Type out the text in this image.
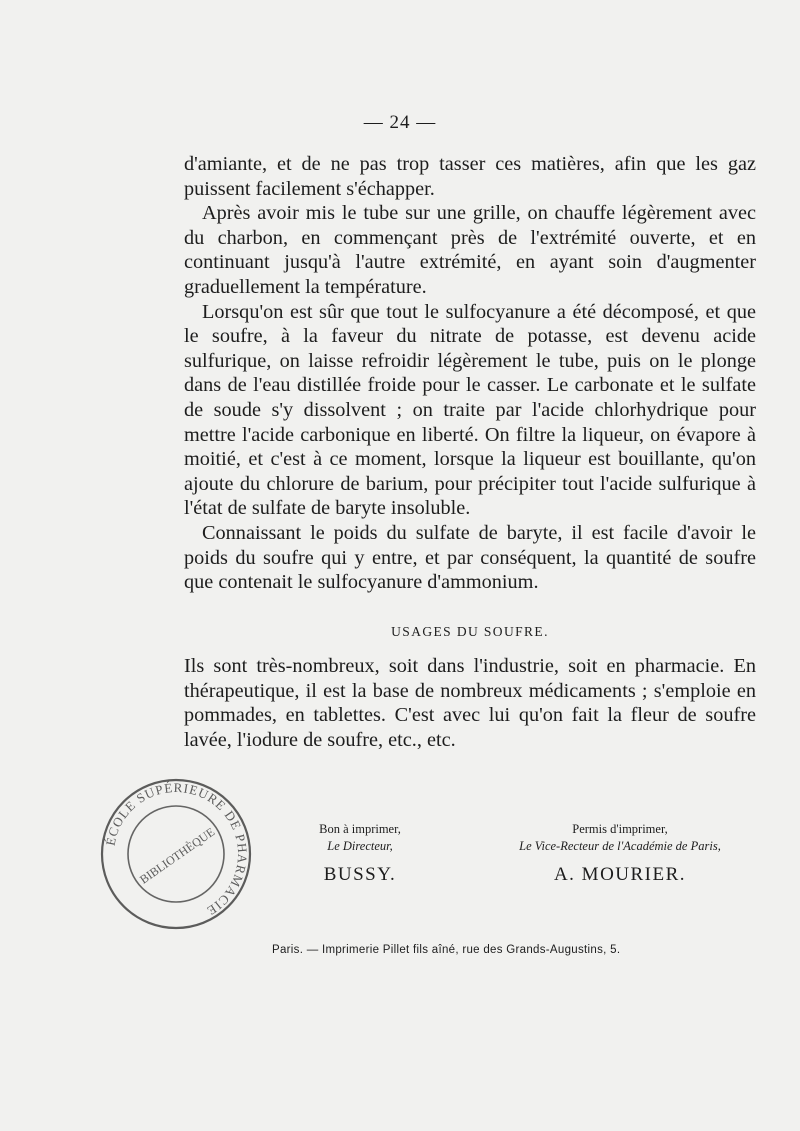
— 24 —

d'amiante, et de ne pas trop tasser ces matières, afin que les gaz puissent facilement s'échapper.

Après avoir mis le tube sur une grille, on chauffe légèrement avec du charbon, en commençant près de l'extrémité ouverte, et en continuant jusqu'à l'autre extrémité, en ayant soin d'augmenter graduellement la température.

Lorsqu'on est sûr que tout le sulfocyanure a été décomposé, et que le soufre, à la faveur du nitrate de potasse, est devenu acide sulfurique, on laisse refroidir légèrement le tube, puis on le plonge dans de l'eau distillée froide pour le casser. Le carbonate et le sulfate de soude s'y dissolvent ; on traite par l'acide chlorhydrique pour mettre l'acide carbonique en liberté. On filtre la liqueur, on évapore à moitié, et c'est à ce moment, lorsque la liqueur est bouillante, qu'on ajoute du chlorure de barium, pour précipiter tout l'acide sulfurique à l'état de sulfate de baryte insoluble.

Connaissant le poids du sulfate de baryte, il est facile d'avoir le poids du soufre qui y entre, et par conséquent, la quantité de soufre que contenait le sulfocyanure d'ammonium.

USAGES DU SOUFRE.

Ils sont très-nombreux, soit dans l'industrie, soit en pharmacie. En thérapeutique, il est la base de nombreux médicaments ; s'emploie en pommades, en tablettes. C'est avec lui qu'on fait la fleur de soufre lavée, l'iodure de soufre, etc., etc.

ÉCOLE SUPÉRIEURE DE PHARMACIE
BIBLIOTHÈQUE	Bon à imprimer,
Le Directeur,
BUSSY.
Permis d'imprimer,
Le Vice-Recteur de l'Académie de Paris,
A. MOURIER.
Paris. — Imprimerie Pillet fils aîné, rue des Grands-Augustins, 5.
